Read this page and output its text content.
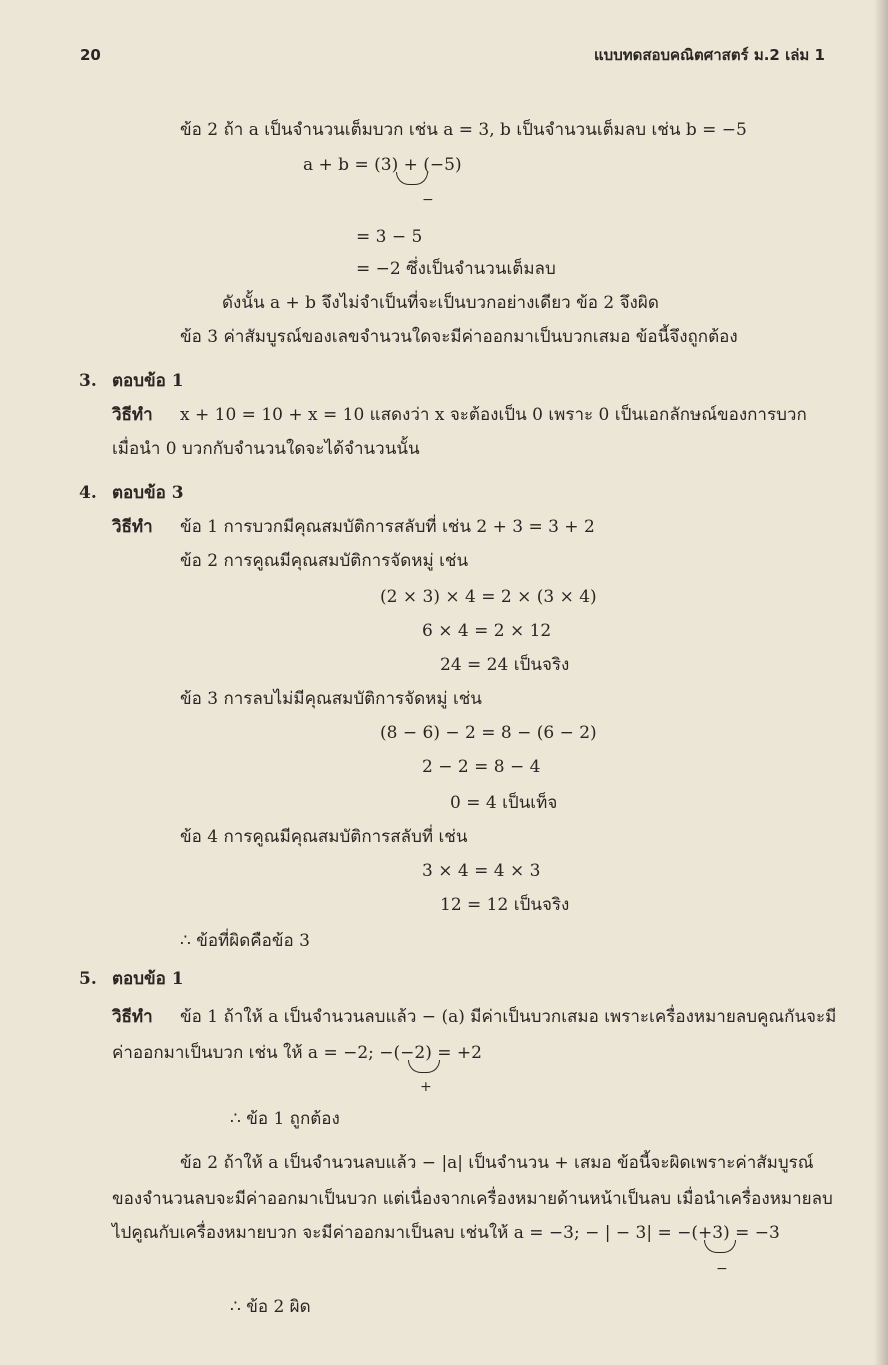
20	แบบทดสอบคณิตศาสตร์ ม.2 เล่ม 1
ข้อ 2 ถ้า a เป็นจำนวนเต็มบวก เช่น a = 3, b เป็นจำนวนเต็มลบ เช่น b = −5
a + b = (3) + (−5)
−
= 3 − 5
= −2 ซึ่งเป็นจำนวนเต็มลบ
ดังนั้น a + b จึงไม่จำเป็นที่จะเป็นบวกอย่างเดียว ข้อ 2 จึงผิด
ข้อ 3 ค่าสัมบูรณ์ของเลขจำนวนใดจะมีค่าออกมาเป็นบวกเสมอ ข้อนี้จึงถูกต้อง
3. ตอบข้อ 1
วิธีทำ x + 10 = 10 + x = 10 แสดงว่า x จะต้องเป็น 0 เพราะ 0 เป็นเอกลักษณ์ของการบวก
เมื่อนำ 0 บวกกับจำนวนใดจะได้จำนวนนั้น
4. ตอบข้อ 3
วิธีทำ ข้อ 1 การบวกมีคุณสมบัติการสลับที่ เช่น 2 + 3 = 3 + 2
ข้อ 2 การคูณมีคุณสมบัติการจัดหมู่ เช่น
(2 × 3) × 4 = 2 × (3 × 4)
6 × 4 = 2 × 12
24 = 24 เป็นจริง
ข้อ 3 การลบไม่มีคุณสมบัติการจัดหมู่ เช่น
(8 − 6) − 2 = 8 − (6 − 2)
2 − 2 = 8 − 4
0 = 4 เป็นเท็จ
ข้อ 4 การคูณมีคุณสมบัติการสลับที่ เช่น
3 × 4 = 4 × 3
12 = 12 เป็นจริง
∴ ข้อที่ผิดคือข้อ 3
5. ตอบข้อ 1
วิธีทำ ข้อ 1 ถ้าให้ a เป็นจำนวนลบแล้ว − (a) มีค่าเป็นบวกเสมอ เพราะเครื่องหมายลบคูณกันจะมี
ค่าออกมาเป็นบวก เช่น ให้ a = −2; −(−2) = +2
+
∴ ข้อ 1 ถูกต้อง
ข้อ 2 ถ้าให้ a เป็นจำนวนลบแล้ว − |a| เป็นจำนวน + เสมอ ข้อนี้จะผิดเพราะค่าสัมบูรณ์
ของจำนวนลบจะมีค่าออกมาเป็นบวก แต่เนื่องจากเครื่องหมายด้านหน้าเป็นลบ เมื่อนำเครื่องหมายลบ
ไปคูณกับเครื่องหมายบวก จะมีค่าออกมาเป็นลบ เช่นให้ a = −3; − | − 3| = −(+3) = −3
−
∴ ข้อ 2 ผิด
